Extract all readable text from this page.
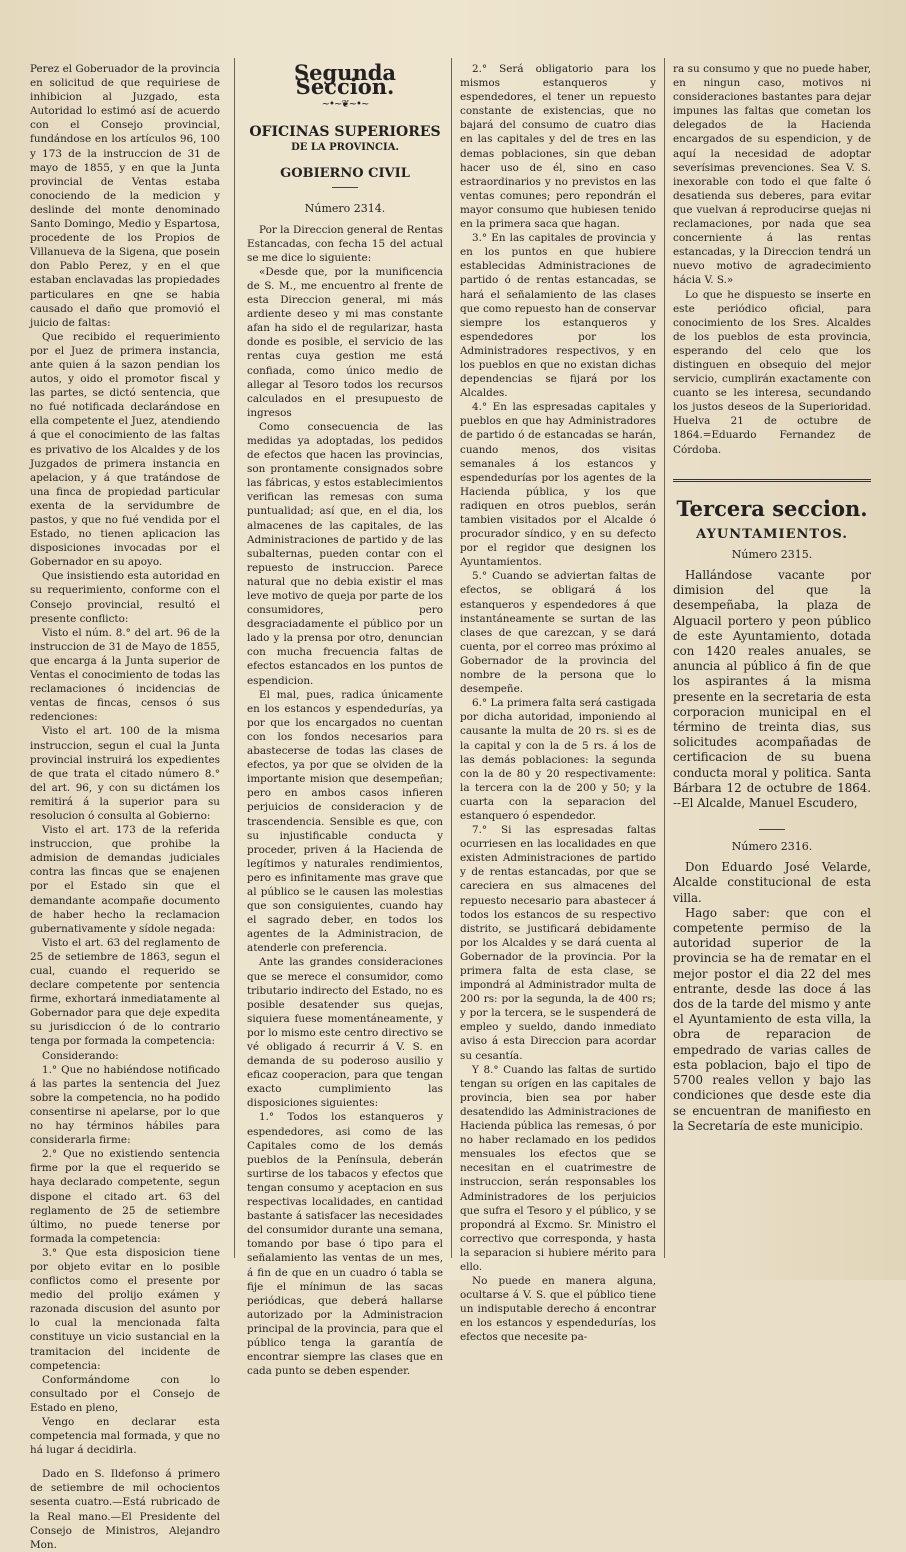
Perez el Goberuador de la provincia en solicitud de que requiriese de inhibicion al Juzgado, esta Autoridad lo estimó así de acuerdo con el Consejo provincial, fundándose en los artículos 96, 100 y 173 de la instruccion de 31 de mayo de 1855, y en que la Junta provincial de Ventas estaba conociendo de la medicion y deslinde del monte denominado Santo Domingo, Medio y Espartosa, procedente de los Propios de Villanueva de la Sigena, que posein don Pablo Perez, y en el que estaban enclavadas las propiedades particulares en qne se habia causado el daño que promovió el juicio de faltas:

Que recibido el requerimiento por el Juez de primera instancia, ante quien á la sazon pendian los autos, y oido el promotor fiscal y las partes, se dictó sentencia, que no fué notificada declarándose en ella competente el Juez, atendiendo á que el conocimiento de las faltas es privativo de los Alcaldes y de los Juzgados de primera instancia en apelacion, y á que tratándose de una finca de propiedad particular exenta de la servidumbre de pastos, y que no fué vendida por el Estado, no tienen aplicacion las disposiciones invocadas por el Gobernador en su apoyo.

Que insistiendo esta autoridad en su requerimiento, conforme con el Consejo provincial, resultó el presente conflicto:

Visto el núm. 8.° del art. 96 de la instruccion de 31 de Mayo de 1855, que encarga á la Junta superior de Ventas el conocimiento de todas las reclamaciones ó incidencias de ventas de fincas, censos ó sus redenciones:

Visto el art. 100 de la misma instruccion, segun el cual la Junta provincial instruirá los expedientes de que trata el citado número 8.° del art. 96, y con su dictámen los remitirá á la superior para su resolucion ó consulta al Gobierno:

Visto el art. 173 de la referida instruccion, que prohibe la admision de demandas judiciales contra las fincas que se enajenen por el Estado sin que el demandante acompañe documento de haber hecho la reclamacion gubernativamente y sídole negada:

Visto el art. 63 del reglamento de 25 de setiembre de 1863, segun el cual, cuando el requerido se declare competente por sentencia firme, exhortará inmediatamente al Gobernador para que deje expedita su jurisdiccion ó de lo contrario tenga por formada la competencia:

Considerando:

1.° Que no habiéndose notificado á las partes la sentencia del Juez sobre la competencia, no ha podido consentirse ni apelarse, por lo que no hay términos hábiles para considerarla firme:

2.° Que no existiendo sentencia firme por la que el requerido se haya declarado competente, segun dispone el citado art. 63 del reglamento de 25 de setiembre último, no puede tenerse por formada la competencia:

3.° Que esta disposicion tiene por objeto evitar en lo posible conflictos como el presente por medio del prolijo exámen y razonada discusion del asunto por lo cual la mencionada falta constituye un vicio sustancial en la tramitacion del incidente de competencia:

Conformándome con lo consultado por el Consejo de Estado en pleno,

Vengo en declarar esta competencia mal formada, y que no há lugar á decidirla.

Dado en S. Ildefonso á primero de setiembre de mil ochocientos sesenta cuatro.—Está rubricado de la Real mano.—El Presidente del Consejo de Ministros, Alejandro Mon.

Segunda Seccion.
~•~❦~•~
OFICINAS SUPERIORES
DE LA PROVINCIA.
GOBIERNO CIVIL
Número 2314.

Por la Direccion general de Rentas Estancadas, con fecha 15 del actual se me dice lo siguiente:

«Desde que, por la munificencia de S. M., me encuentro al frente de esta Direccion general, mi más ardiente deseo y mi mas constante afan ha sido el de regularizar, hasta donde es posible, el servicio de las rentas cuya gestion me está confiada, como único medio de allegar al Tesoro todos los recursos calculados en el presupuesto de ingresos

Como consecuencia de las medidas ya adoptadas, los pedidos de efectos que hacen las provincias, son prontamente consignados sobre las fábricas, y estos establecimientos verifican las remesas con suma puntualidad; así que, en el dia, los almacenes de las capitales, de las Administraciones de partido y de las subalternas, pueden contar con el repuesto de instruccion. Parece natural que no debia existir el mas leve motivo de queja por parte de los consumidores, pero desgraciadamente el público por un lado y la prensa por otro, denuncian con mucha frecuencia faltas de efectos estancados en los puntos de espendicion.

El mal, pues, radica únicamente en los estancos y espendedurías, ya por que los encargados no cuentan con los fondos necesarios para abastecerse de todas las clases de efectos, ya por que se olviden de la importante mision que desempeñan; pero en ambos casos infieren perjuicios de consideracion y de trascendencia. Sensible es que, con su injustificable conducta y proceder, priven á la Hacienda de legítimos y naturales rendimientos, pero es infinitamente mas grave que al público se le causen las molestias que son consiguientes, cuando hay el sagrado deber, en todos los agentes de la Administracion, de atenderle con preferencia.

Ante las grandes consideraciones que se merece el consumidor, como tributario indirecto del Estado, no es posible desatender sus quejas, siquiera fuese momentáneamente, y por lo mismo este centro directivo se vé obligado á recurrir á V. S. en demanda de su poderoso ausilio y eficaz cooperacion, para que tengan exacto cumplimiento las disposiciones siguientes:

1.° Todos los estanqueros y espendedores, asi como de las Capitales como de los demás pueblos de la Península, deberán surtirse de los tabacos y efectos que tengan consumo y aceptacion en sus respectivas localidades, en cantidad bastante á satisfacer las necesidades del consumidor durante una semana, tomando por base ó tipo para el señalamiento las ventas de un mes, á fin de que en un cuadro ó tabla se fije el mínimun de las sacas periódicas, que deberá hallarse autorizado por la Administracion principal de la provincia, para que el público tenga la garantía de encontrar siempre las clases que en cada punto se deben espender.

2.° Será obligatorio para los mismos estanqueros y espendedores, el tener un repuesto constante de existencias, que no bajará del consumo de cuatro dias en las capitales y del de tres en las demas poblaciones, sin que deban hacer uso de él, sino en caso estraordinarios y no previstos en las ventas comunes; pero repondrán el mayor consumo que hubiesen tenido en la primera saca que hagan.

3.° En las capitales de provincia y en los puntos en que hubiere establecidas Administraciones de partido ó de rentas estancadas, se hará el señalamiento de las clases que como repuesto han de conservar siempre los estanqueros y espendedores por los Administradores respectivos, y en los pueblos en que no existan dichas dependencias se fijará por los Alcaldes.

4.° En las espresadas capitales y pueblos en que hay Administradores de partido ó de estancadas se harán, cuando menos, dos visitas semanales á los estancos y espendedurías por los agentes de la Hacienda pública, y los que radiquen en otros pueblos, serán tambien visitados por el Alcalde ó procurador síndico, y en su defecto por el regidor que designen los Ayuntamientos.

5.° Cuando se adviertan faltas de efectos, se obligará á los estanqueros y espendedores á que instantáneamente se surtan de las clases de que carezcan, y se dará cuenta, por el correo mas próximo al Gobernador de la provincia del nombre de la persona que lo desempeñe.

6.° La primera falta será castigada por dicha autoridad, imponiendo al causante la multa de 20 rs. si es de la capital y con la de 5 rs. á los de las demás poblaciones: la segunda con la de 80 y 20 respectivamente: la tercera con la de 200 y 50; y la cuarta con la separacion del estanquero ó espendedor.

7.° Si las espresadas faltas ocurriesen en las localidades en que existen Administraciones de partido y de rentas estancadas, por que se careciera en sus almacenes del repuesto necesario para abastecer á todos los estancos de su respectivo distrito, se justificará debidamente por los Alcaldes y se dará cuenta al Gobernador de la provincia. Por la primera falta de esta clase, se impondrá al Administrador multa de 200 rs: por la segunda, la de 400 rs; y por la tercera, se le suspenderá de empleo y sueldo, dando inmediato aviso á esta Direccion para acordar su cesantía.

Y 8.° Cuando las faltas de surtido tengan su orígen en las capitales de provincia, bien sea por haber desatendido las Administraciones de Hacienda pública las remesas, ó por no haber reclamado en los pedidos mensuales los efectos que se necesitan en el cuatrimestre de instruccion, serán responsables los Administradores de los perjuicios que sufra el Tesoro y el público, y se propondrá al Excmo. Sr. Ministro el correctivo que corresponda, y hasta la separacion si hubiere mérito para ello.

No puede en manera alguna, ocultarse á V. S. que el público tiene un indisputable derecho á encontrar en los estancos y espendedurías, los efectos que necesite pa-

ra su consumo y que no puede haber, en ningun caso, motivos ni consideraciones bastantes para dejar impunes las faltas que cometan los delegados de la Hacienda encargados de su espendicion, y de aquí la necesidad de adoptar severísimas prevenciones. Sea V. S. inexorable con todo el que falte ó desatienda sus deberes, para evitar que vuelvan á reproducirse quejas ni reclamaciones, por nada que sea concerniente á las rentas estancadas, y la Direccion tendrá un nuevo motivo de agradecimiento hácia V. S.»

Lo que he dispuesto se inserte en este periódico oficial, para conocimiento de los Sres. Alcaldes de los pueblos de esta provincia, esperando del celo que los distinguen en obsequio del mejor servicio, cumplirán exactamente con cuanto se les interesa, secundando los justos deseos de la Superioridad. Huelva 21 de octubre de 1864.=Eduardo Fernandez de Córdoba.

Tercera seccion.
AYUNTAMIENTOS.
Número 2315.

Hallándose vacante por dimision del que la desempeñaba, la plaza de Alguacil portero y peon público de este Ayuntamiento, dotada con 1420 reales anuales, se anuncia al público á fin de que los aspirantes á la misma presente en la secretaria de esta corporacion municipal en el término de treinta dias, sus solicitudes acompañadas de certificacion de su buena conducta moral y politica. Santa Bárbara 12 de octubre de 1864. --El Alcalde, Manuel Escudero,

Número 2316.

Don Eduardo José Velarde, Alcalde constitucional de esta villa.

Hago saber: que con el competente permiso de la autoridad superior de la provincia se ha de rematar en el mejor postor el dia 22 del mes entrante, desde las doce á las dos de la tarde del mismo y ante el Ayuntamiento de esta villa, la obra de reparacion de empedrado de varias calles de esta poblacion, bajo el tipo de 5700 reales vellon y bajo las condiciones que desde este dia se encuentran de manifiesto en la Secretaría de este municipio.
